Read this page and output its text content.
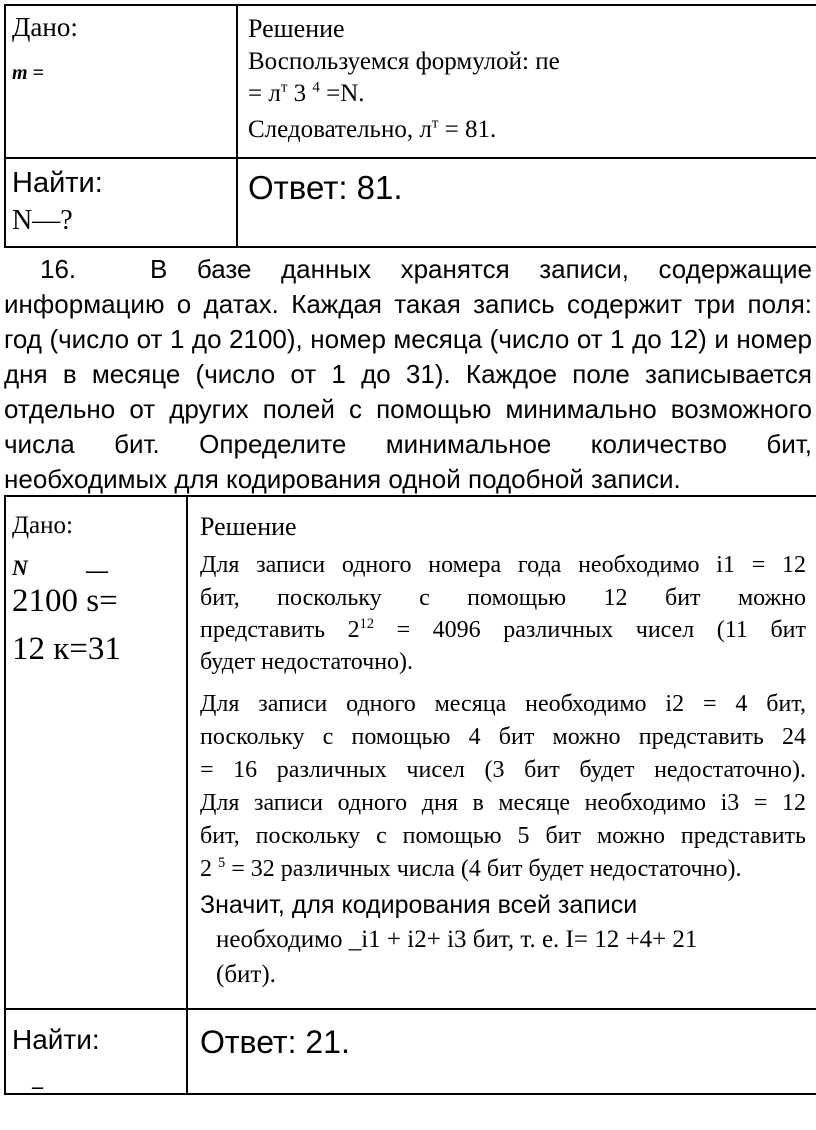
Дано:
m =
Решение
Воспользуемся формулой: пе
= $л^т$ 3 $^4$ =N.
Следовательно, $л^т = 81$.
Найти:
N—?
Ответ: 81.
16.	В базе данных хранятся записи, содержащие
информацию о датах. Каждая такая запись содержит три поля:
год (число от 1 до 2100), номер месяца (число от 1 до 12) и номер
дня в месяце (число от 1 до 31). Каждое поле записывается
отдельно от других полей с помощью минимально возможного
числа бит. Определите минимальное количество бит,
необходимых для кодирования одной подобной записи.
Дано:
N	__
2100 s=
12 к=31
Решение
Для записи одного номера года необходимо i1 = 12
бит, поскольку с помощью 12 бит можно
представить $2^{12} = 4096$ различных чисел (11 бит
будет недостаточно).
Для записи одного месяца необходимо i2 = 4 бит,
поскольку с помощью 4 бит можно представить 24
= 16 различных чисел (3 бит будет недостаточно).
Для записи одного дня в месяце необходимо i3 = 12
бит, поскольку с помощью 5 бит можно представить
2 $^5$ = 32 различных числа (4 бит будет недостаточно).
Значит, для кодирования всей записи
необходимо _i1 + i2+ i3 бит, т. е. I= 12 +4+ 21
(бит).
Найти:
_
Ответ: 21.
